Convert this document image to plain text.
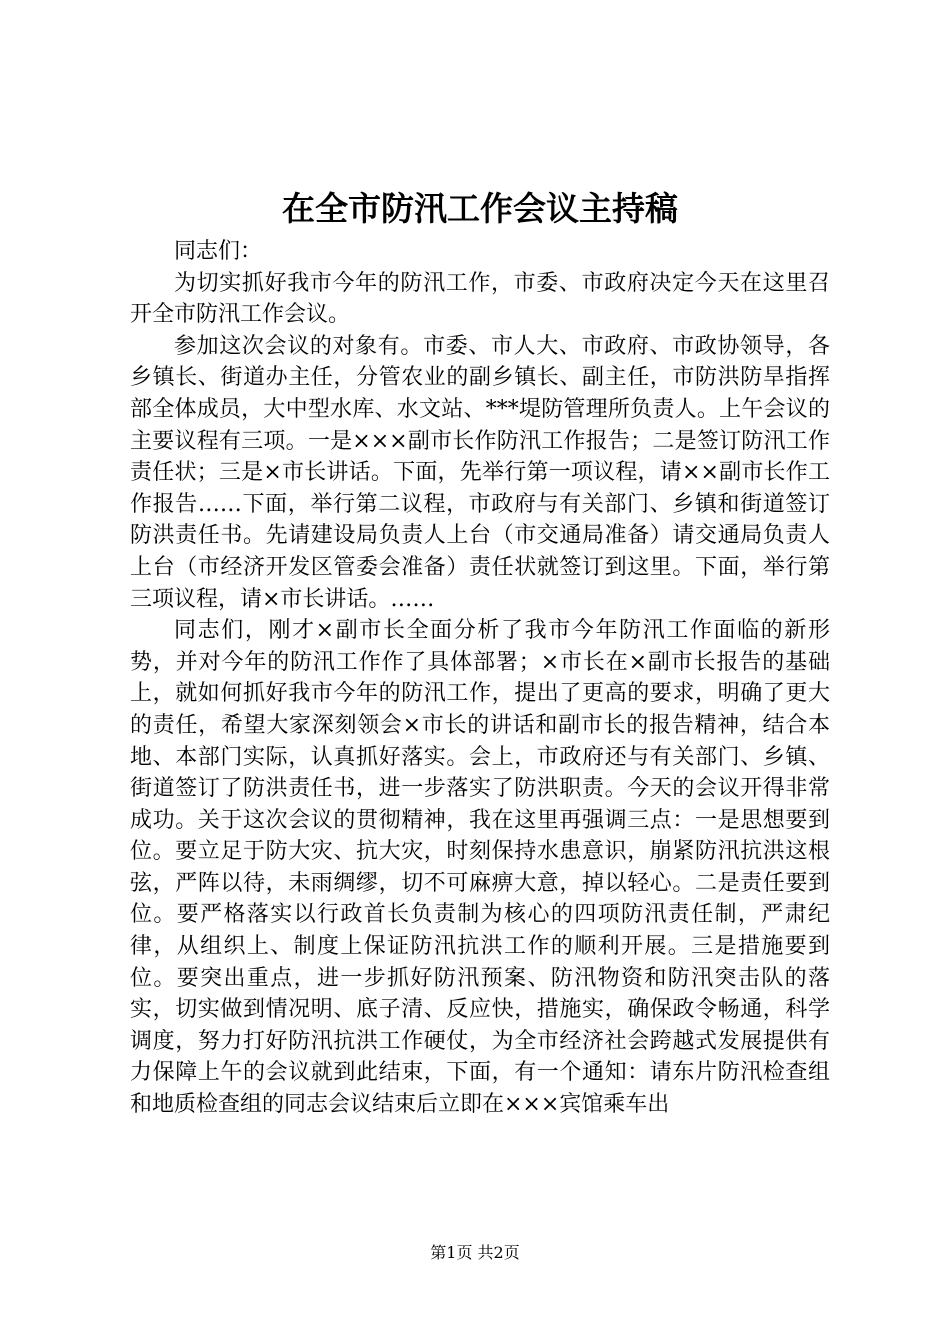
在全市防汛工作会议主持稿

同志们：

为切实抓好我市今年的防汛工作，市委、市政府决定今天在这里召开全市防汛工作会议。

参加这次会议的对象有。市委、市人大、市政府、市政协领导，各乡镇长、街道办主任，分管农业的副乡镇长、副主任，市防洪防旱指挥部全体成员，大中型水库、水文站、***堤防管理所负责人。上午会议的主要议程有三项。一是×××副市长作防汛工作报告；二是签订防汛工作责任状；三是×市长讲话。下面，先举行第一项议程，请××副市长作工作报告……下面，举行第二议程，市政府与有关部门、乡镇和街道签订防洪责任书。先请建设局负责人上台（市交通局准备）请交通局负责人上台（市经济开发区管委会准备）责任状就签订到这里。下面，举行第三项议程，请×市长讲话。……

同志们，刚才×副市长全面分析了我市今年防汛工作面临的新形势，并对今年的防汛工作作了具体部署；×市长在×副市长报告的基础上，就如何抓好我市今年的防汛工作，提出了更高的要求，明确了更大的责任，希望大家深刻领会×市长的讲话和副市长的报告精神，结合本地、本部门实际，认真抓好落实。会上，市政府还与有关部门、乡镇、街道签订了防洪责任书，进一步落实了防洪职责。今天的会议开得非常成功。关于这次会议的贯彻精神，我在这里再强调三点：一是思想要到位。要立足于防大灾、抗大灾，时刻保持水患意识，崩紧防汛抗洪这根弦，严阵以待，未雨绸缪，切不可麻痹大意，掉以轻心。二是责任要到位。要严格落实以行政首长负责制为核心的四项防汛责任制，严肃纪律，从组织上、制度上保证防汛抗洪工作的顺利开展。三是措施要到位。要突出重点，进一步抓好防汛预案、防汛物资和防汛突击队的落实，切实做到情况明、底子清、反应快，措施实，确保政令畅通，科学调度，努力打好防汛抗洪工作硬仗，为全市经济社会跨越式发展提供有力保障上午的会议就到此结束，下面，有一个通知：请东片防汛检查组和地质检查组的同志会议结束后立即在×××宾馆乘车出

第1页 共2页
